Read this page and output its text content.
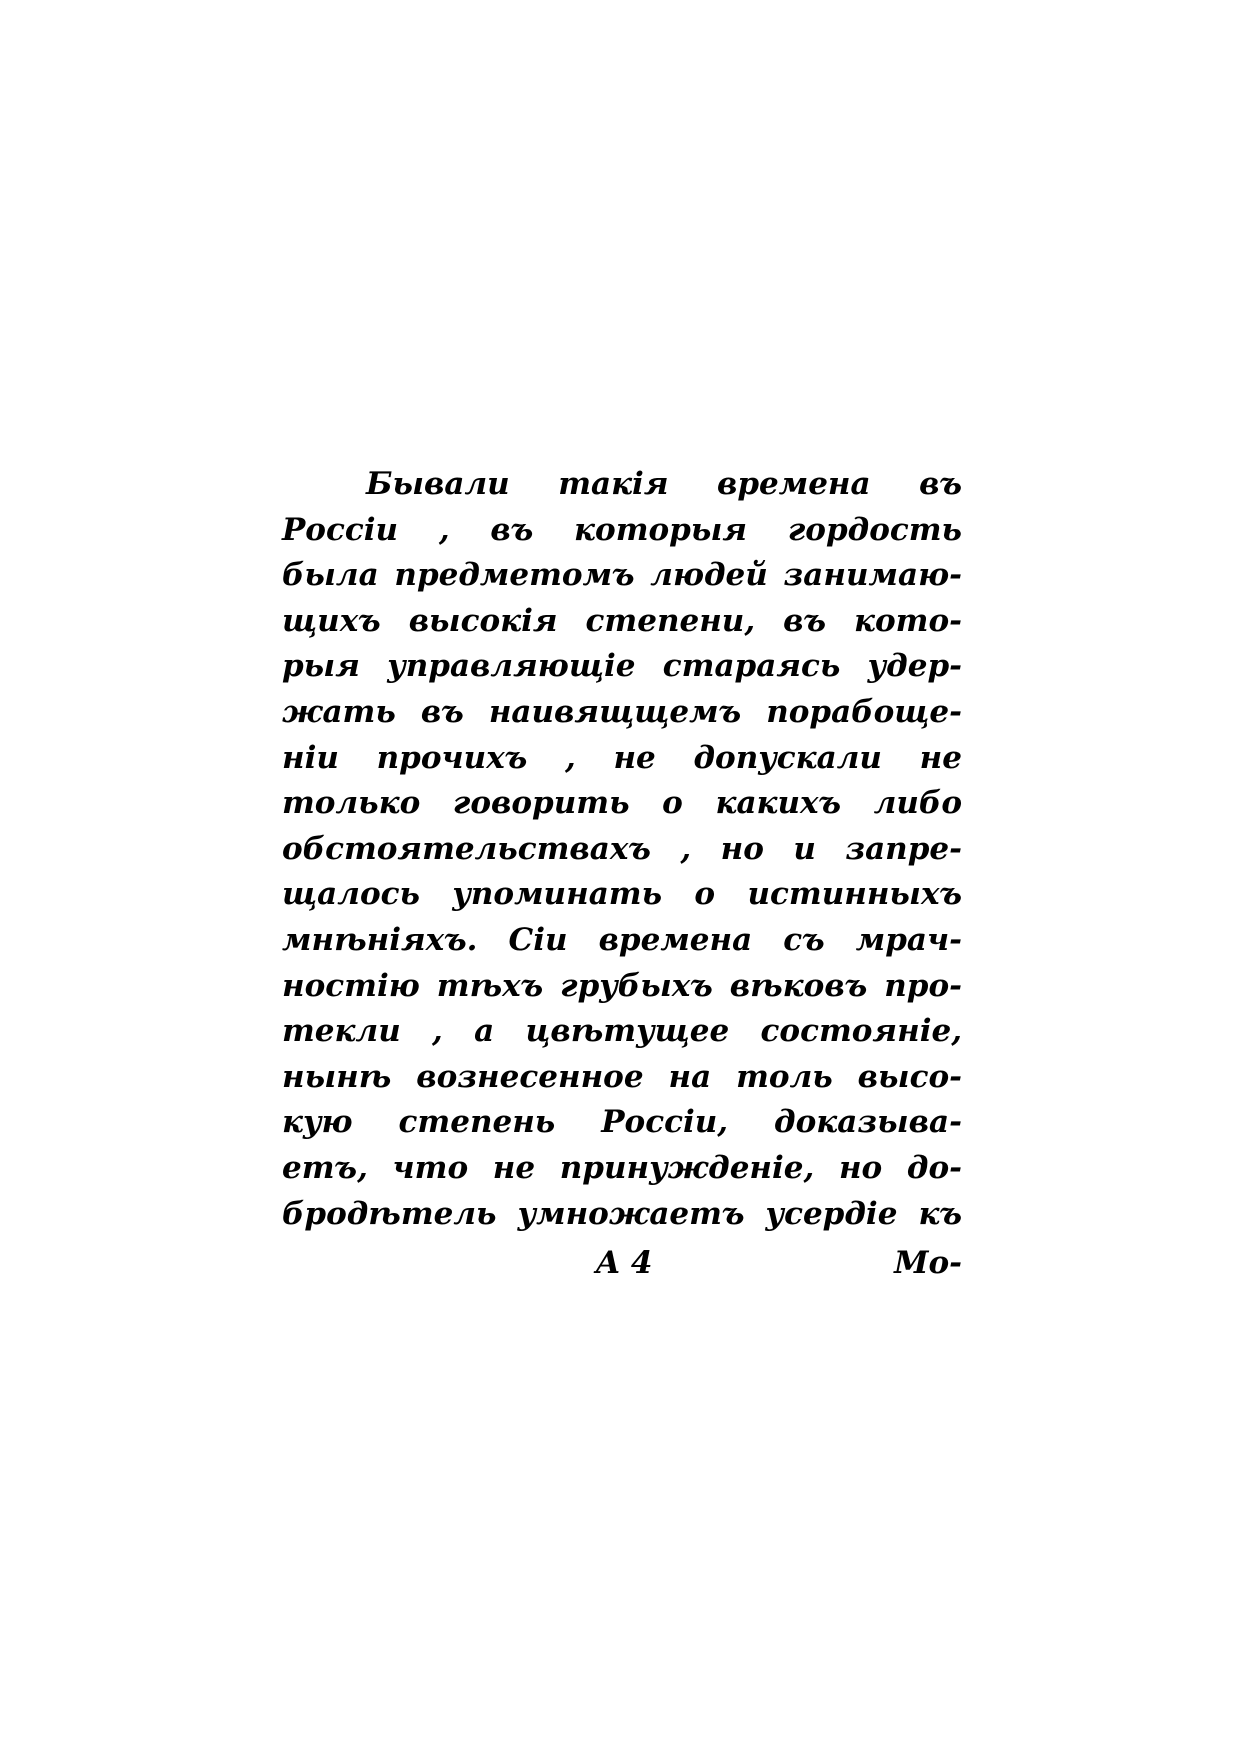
Бывали такія времена въ
Россіи , въ которыя гордость
была предметомъ людей занимаю-
щихъ высокія степени, въ кото-
рыя управляющіе стараясь удер-
жать въ наивящщемъ порабоще-
ніи прочихъ , не допускали не
только говорить о какихъ либо
обстоятельствахъ , но и запре-
щалось упоминать о истинныхъ
мнѣніяхъ. Сіи времена съ мрач-
ностію тѣхъ грубыхъ вѣковъ про-
текли , а цвѣтущее состояніе,
нынѣ вознесенное на толь высо-
кую степень Россіи, доказыва-
етъ, что не принужденіе, но до-
бродѣтель умножаетъ усердіе къ
A 4	Мо-
